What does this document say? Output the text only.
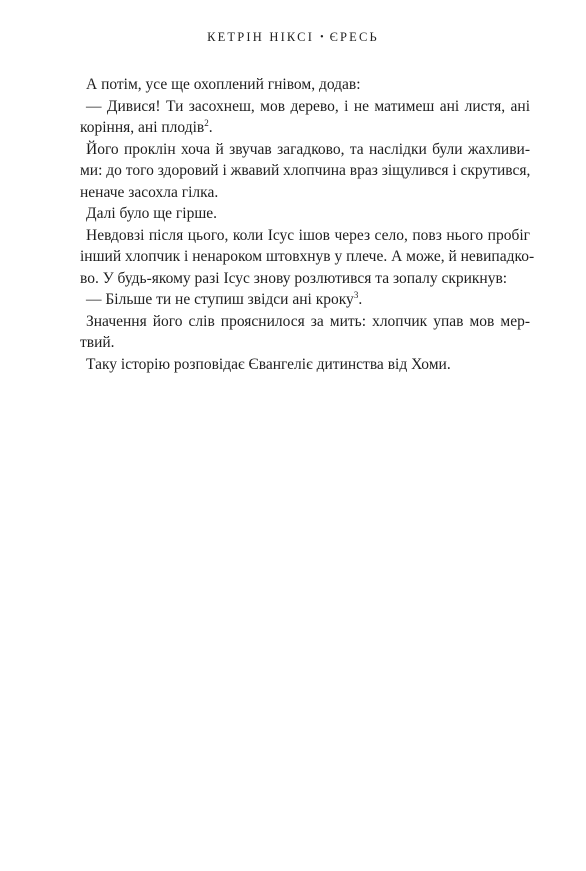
КЕТРІН НІКСІ • ЄРЕСЬ

А потім, усе ще охоплений гнівом, додав:

— Дивися! Ти засохнеш, мов дерево, і не матимеш ані листя, ані
коріння, ані плодів$^2$.

Його проклін хоча й звучав загадково, та наслідки були жахливи-
ми: до того здоровий і жвавий хлопчина враз зіщулився і скрутився,
неначе засохла гілка.

Далі було ще гірше.

Невдовзі після цього, коли Ісус ішов через село, повз нього пробіг
інший хлопчик і ненароком штовхнув у плече. А може, й невипадко-
во. У будь-якому разі Ісус знову розлютився та зопалу скрикнув:

— Більше ти не ступиш звідси ані кроку$^3$.

Значення його слів прояснилося за мить: хлопчик упав мов мер-
твий.

Таку історію розповідає Євангеліє дитинства від Хоми.
